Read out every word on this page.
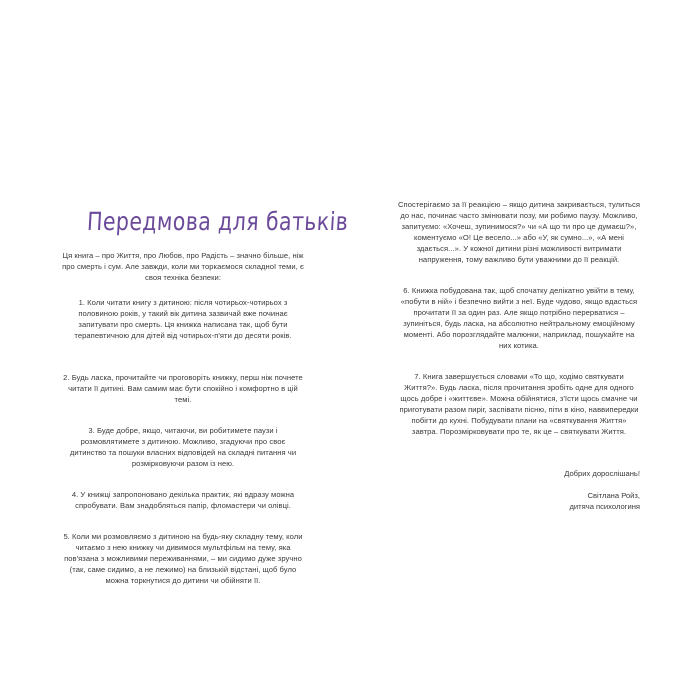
Передмова для батьків

Ця книга – про Життя, про Любов, про Радість – значно більше, ніж про смерть і сум. Але завжди, коли ми торкаємося складної теми, є своя техніка безпеки:

1. Коли читати книгу з дитиною: після чотирьох-чотирьох з половиною років, у такий вік дитина зазвичай вже починає запитувати про смерть. Ця книжка написана так, щоб бути терапевтичною для дітей від чотирьох-п'яти до десяти років.

2. Будь ласка, прочитайте чи проговоріть книжку, перш ніж почнете читати її дитині. Вам самим має бути спокійно і комфортно в цій темі.

3. Буде добре, якщо, читаючи, ви робитимете паузи і розмовлятимете з дитиною. Можливо, згадуючи про своє дитинство та пошуки власних відповідей на складні питання чи розмірковуючи разом із нею.

4. У книжці запропоновано декілька практик, які вдразу можна спробувати. Вам знадобляться папір, фломастери чи олівці.

5. Коли ми розмовляємо з дитиною на будь-яку складну тему, коли читаємо з нею книжку чи дивимося мультфільм на тему, яка пов'язана з можливими переживаннями, – ми сидимо дуже зручно (так, саме сидимо, а не лежимо) на близькій відстані, щоб було можна торкнутися до дитини чи обійняти її.

Спостерігаємо за її реакцією – якщо дитина закривається, тулиться до нас, починає часто змінювати позу, ми робимо паузу. Можливо, запитуємо: «Хочеш, зупинимося?» чи «А що ти про це думаєш?», коментуємо «О! Це весело...» або «У, як сумно...», «А мені здається...». У кожної дитини різні можливості витримати напруження, тому важливо бути уважними до її реакцій.

6. Книжка побудована так, щоб спочатку делікатно увійти в тему, «побути в ній» і безпечно вийти з неї. Буде чудово, якщо вдасться прочитати її за один раз. Але якщо потрібно перерватися – зупиніться, будь ласка, на абсолютно нейтральному емоційному моменті. Або порозглядайте малюнки, наприклад, пошукайте на них котика.

7. Книга завершується словами «То що, ходімо святкувати Життя?». Будь ласка, після прочитання зробіть одне для одного щось добре і «життєве». Можна обійнятися, з'їсти щось смачне чи приготувати разом пиріг, заспівати пісню, піти в кіно, наввипередки побігти до кухні. Побудувати плани на «святкування Життя» завтра. Порозмірковувати про те, як це – святкувати Життя.

Добрих дорослішань!
Світлана Ройз,
дитяча психологиня
